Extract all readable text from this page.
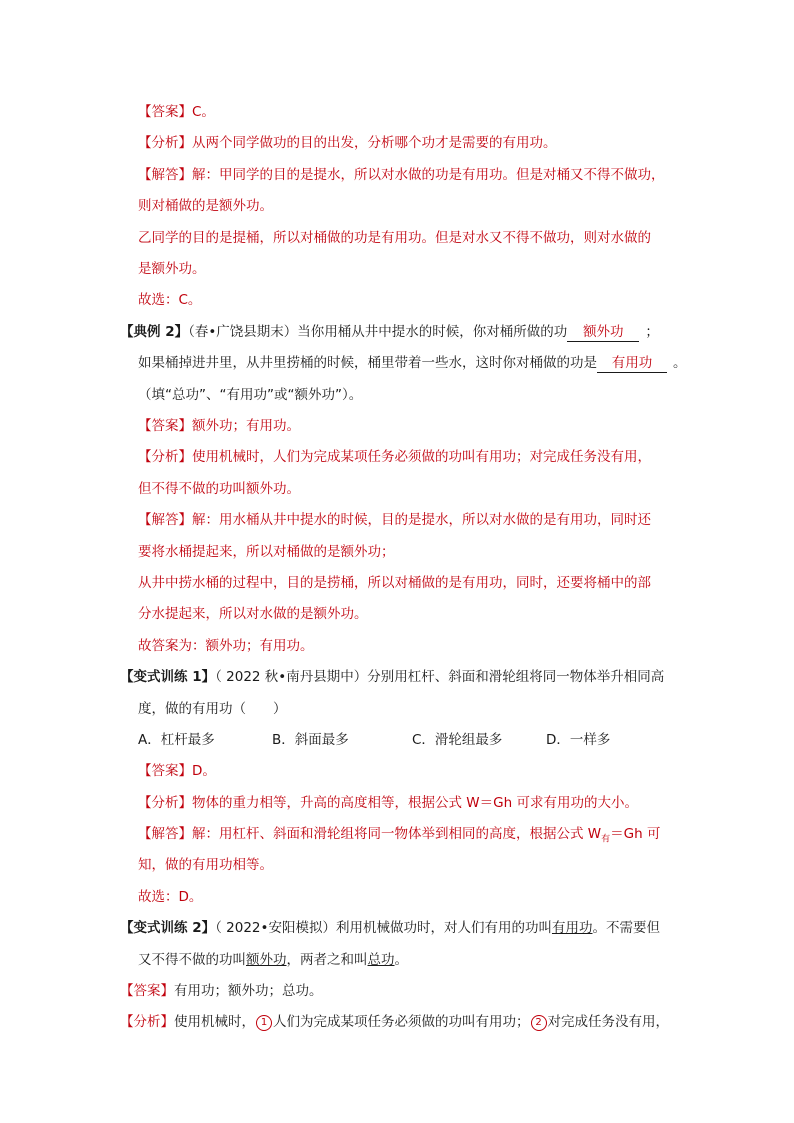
【答案】C。
【分析】从两个同学做功的目的出发，分析哪个功才是需要的有用功。
【解答】解：甲同学的目的是提水，所以对水做的功是有用功。但是对桶又不得不做功，
则对桶做的是额外功。
乙同学的目的是提桶，所以对桶做的功是有用功。但是对水又不得不做功，则对水做的
是额外功。
故选：C。
【典例 2】（春•广饶县期末）当你用桶从井中提水的时候，你对桶所做的功 额外功 ；
如果桶掉进井里，从井里捞桶的时候，桶里带着一些水，这时你对桶做的功是 有用功 。
（填“总功”、“有用功”或“额外功”）。
【答案】额外功；有用功。
【分析】使用机械时，人们为完成某项任务必须做的功叫有用功；对完成任务没有用，
但不得不做的功叫额外功。
【解答】解：用水桶从井中提水的时候，目的是提水，所以对水做的是有用功，同时还
要将水桶提起来，所以对桶做的是额外功；
从井中捞水桶的过程中，目的是捞桶，所以对桶做的是有用功，同时，还要将桶中的部
分水提起来，所以对水做的是额外功。
故答案为：额外功；有用功。
【变式训练 1】（ 2022 秋•南丹县期中）分别用杠杆、斜面和滑轮组将同一物体举升相同高
度，做的有用功（　　）
A．杠杆最多	B．斜面最多	C．滑轮组最多	D．一样多
【答案】D。
【分析】物体的重力相等，升高的高度相等，根据公式 W＝Gh 可求有用功的大小。
【解答】解：用杠杆、斜面和滑轮组将同一物体举到相同的高度，根据公式 $W_有=Gh$ 可
知，做的有用功相等。
故选：D。
【变式训练 2】（ 2022•安阳模拟）利用机械做功时，对人们有用的功叫有用功。不需要但
又不得不做的功叫额外功，两者之和叫总功。
【答案】有用功；额外功；总功。
【分析】使用机械时， 1 人们为完成某项任务必须做的功叫有用功； 2 对完成任务没有用，
